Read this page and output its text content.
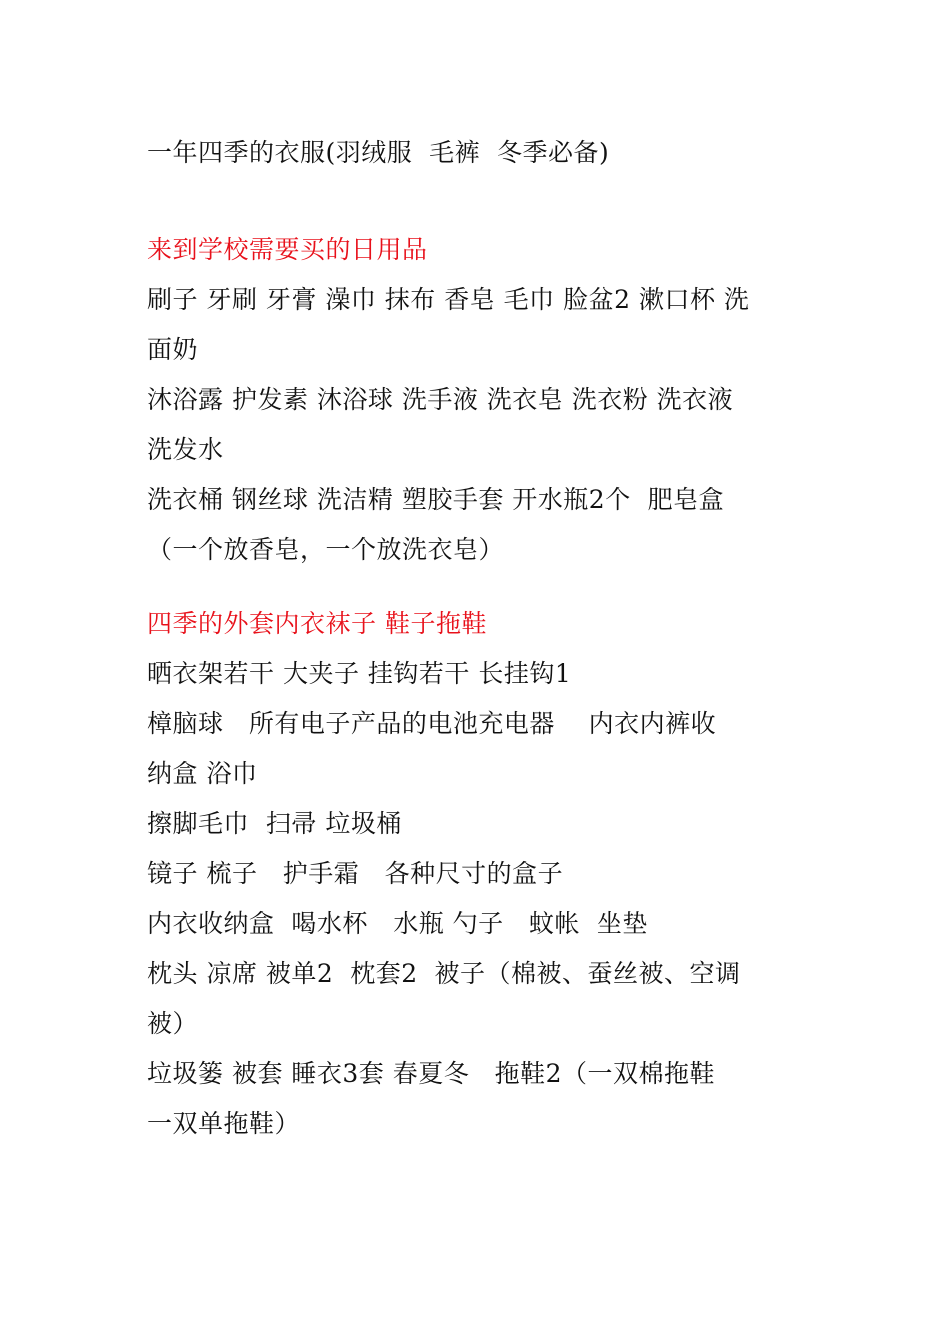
一年四季的衣服(羽绒服  毛裤  冬季必备)
来到学校需要买的日用品
刷子 牙刷 牙膏 澡巾 抹布 香皂 毛巾 脸盆2 漱口杯 洗
面奶
沐浴露 护发素 沐浴球 洗手液 洗衣皂 洗衣粉 洗衣液
洗发水
洗衣桶 钢丝球 洗洁精 塑胶手套 开水瓶2个  肥皂盒
（一个放香皂，一个放洗衣皂）
四季的外套内衣袜子 鞋子拖鞋
晒衣架若干 大夹子 挂钩若干 长挂钩1
樟脑球   所有电子产品的电池充电器    内衣内裤收
纳盒 浴巾
擦脚毛巾  扫帚 垃圾桶
镜子 梳子   护手霜   各种尺寸的盒子
内衣收纳盒  喝水杯   水瓶 勺子   蚊帐  坐垫
枕头 凉席 被单2  枕套2  被子（棉被、蚕丝被、空调
被）
垃圾篓 被套 睡衣3套 春夏冬   拖鞋2（一双棉拖鞋
一双单拖鞋）
